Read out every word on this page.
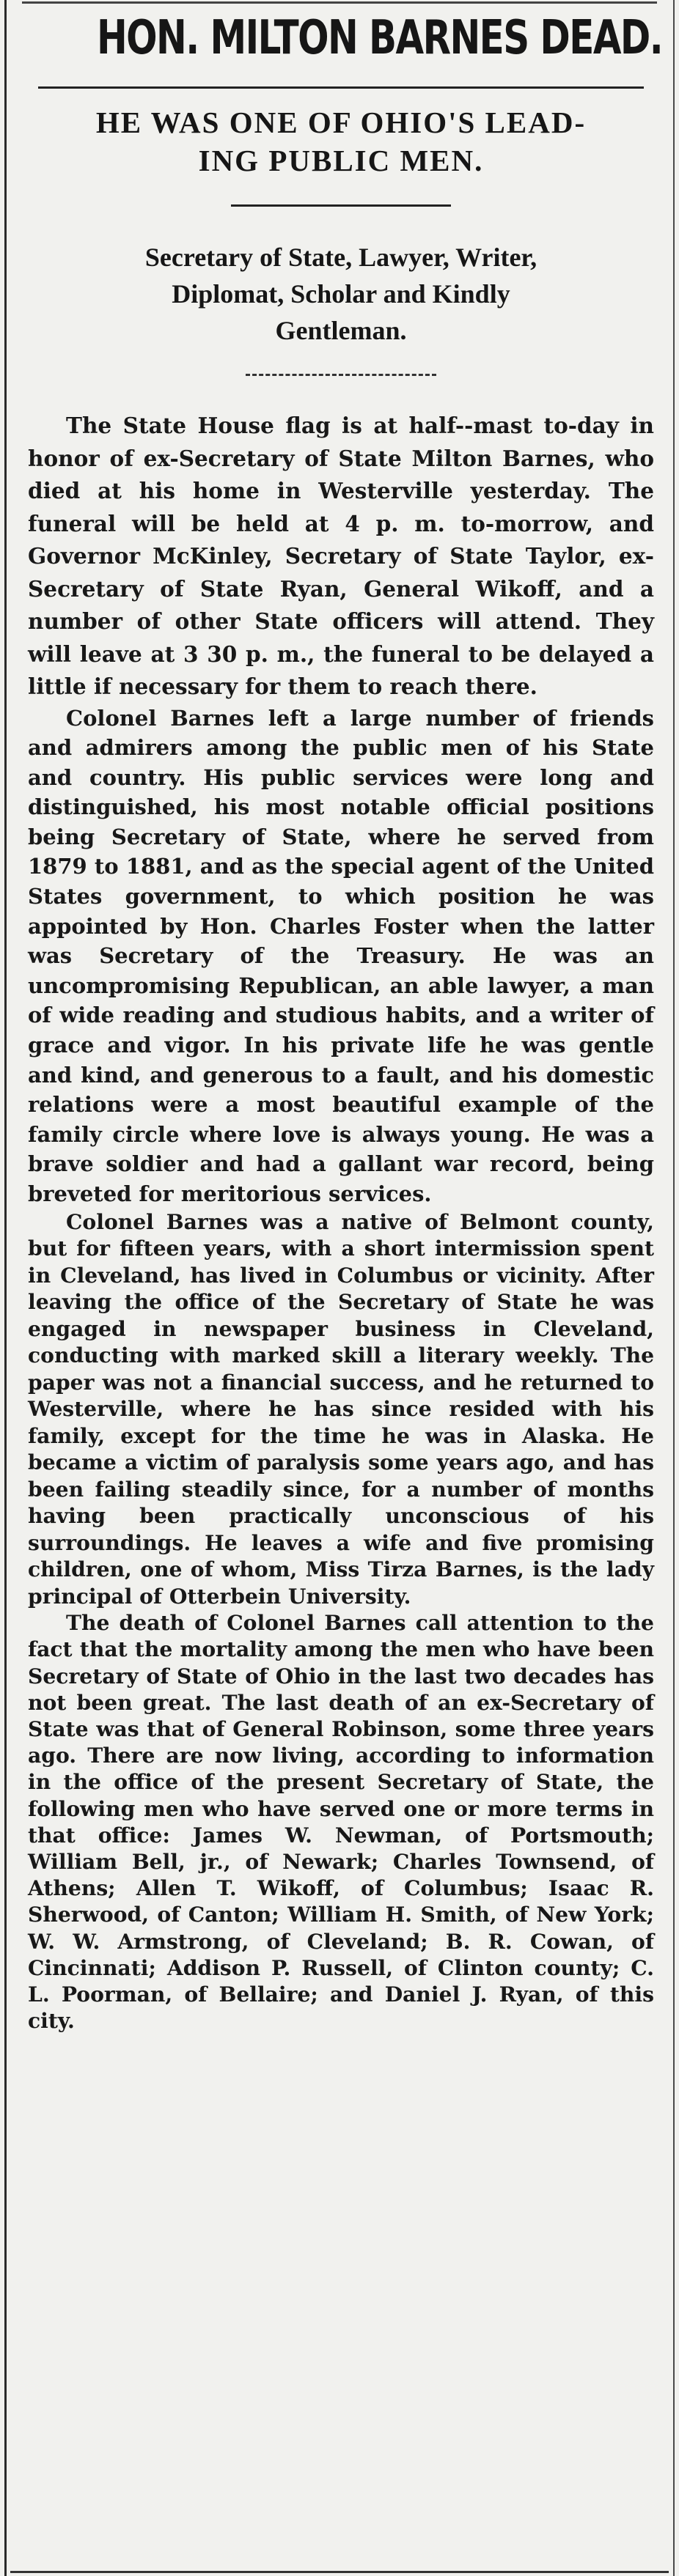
HON. MILTON BARNES DEAD.
HE WAS ONE OF OHIO'S LEAD-
ING PUBLIC MEN.
Secretary of State, Lawyer, Writer,
Diplomat, Scholar and Kindly
Gentleman.

The State House flag is at half--mast to-day in honor of ex-Secretary of State Milton Barnes, who died at his home in Westerville yesterday. The funeral will be held at 4 p. m. to-morrow, and Governor McKinley, Secretary of State Taylor, ex-Secretary of State Ryan, General Wikoff, and a number of other State officers will attend. They will leave at 3 30 p. m., the funeral to be delayed a little if necessary for them to reach there.

Colonel Barnes left a large number of friends and admirers among the public men of his State and country. His public services were long and distinguished, his most notable official positions being Secretary of State, where he served from 1879 to 1881, and as the special agent of the United States government, to which position he was appointed by Hon. Charles Foster when the latter was Secretary of the Treasury. He was an uncompromising Republican, an able lawyer, a man of wide reading and studious habits, and a writer of grace and vigor. In his private life he was gentle and kind, and generous to a fault, and his domestic relations were a most beautiful example of the family circle where love is always young. He was a brave soldier and had a gallant war record, being breveted for meritorious services.

Colonel Barnes was a native of Belmont county, but for fifteen years, with a short intermission spent in Cleveland, has lived in Columbus or vicinity. After leaving the office of the Secretary of State he was engaged in newspaper business in Cleveland, conducting with marked skill a literary weekly. The paper was not a financial success, and he returned to Westerville, where he has since resided with his family, except for the time he was in Alaska. He became a victim of paralysis some years ago, and has been failing steadily since, for a number of months having been practically unconscious of his surroundings. He leaves a wife and five promising children, one of whom, Miss Tirza Barnes, is the lady principal of Otterbein University.

The death of Colonel Barnes call attention to the fact that the mortality among the men who have been Secretary of State of Ohio in the last two decades has not been great. The last death of an ex-Secretary of State was that of General Robinson, some three years ago. There are now living, according to information in the office of the present Secretary of State, the following men who have served one or more terms in that office: James W. Newman, of Portsmouth; William Bell, jr., of Newark; Charles Townsend, of Athens; Allen T. Wikoff, of Columbus; Isaac R. Sherwood, of Canton; William H. Smith, of New York; W. W. Armstrong, of Cleveland; B. R. Cowan, of Cincinnati; Addison P. Russell, of Clinton county; C. L. Poorman, of Bellaire; and Daniel J. Ryan, of this city.
